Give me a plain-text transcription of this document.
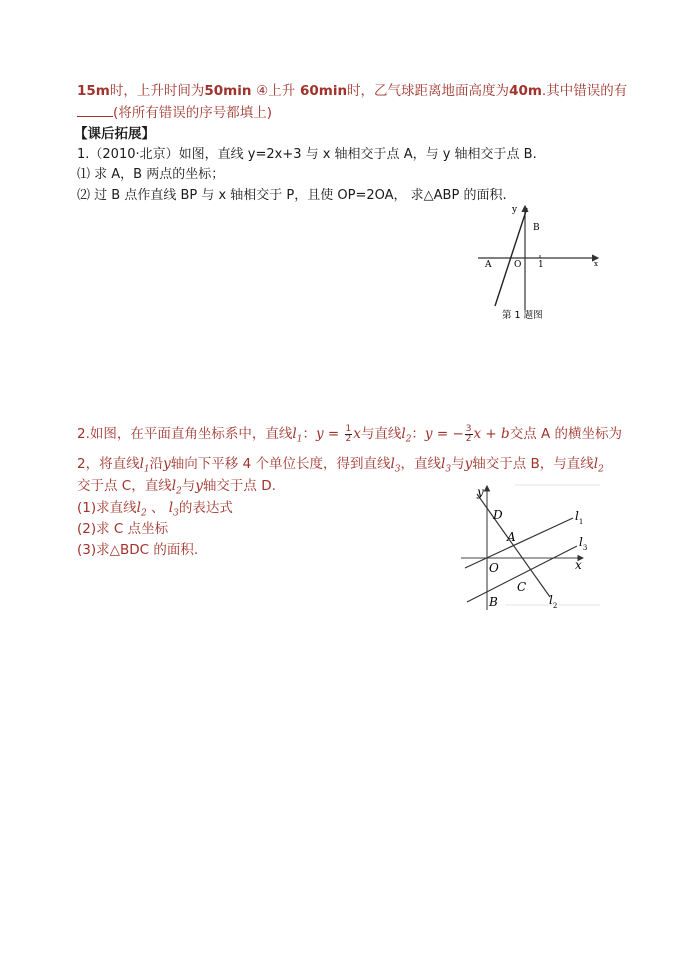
15m时，上升时间为50min ④上升 60min时，乙气球距离地面高度为40m.其中错误的有
(将所有错误的序号都填上)
【课后拓展】
1.（2010·北京）如图，直线 y=2x+3 与 x 轴相交于点 A，与 y 轴相交于点 B.
⑴ 求 A，B 两点的坐标；
⑵ 过 B 点作直线 BP 与 x 轴相交于 P，且使 OP=2OA， 求△ABP 的面积.
y
x
B
A	O 1
第 1 题图
2.如图，在平面直角坐标系中，直线$l_1$：$y = \frac{1}{2}$ x与直线$l_2$：y = − $\frac{3}{2}$ x + b交点 A 的横坐标为
2，将直线$l_1$沿y轴向下平移 4 个单位长度，得到直线$l_3$，直线$l_3$与y轴交于点 B，与直线$l_2$
交于点 C，直线$l_2$与y轴交于点 D.
(1)求直线$l_2$ 、 $l_3$的表达式
(2)求 C 点坐标
(3)求△BDC 的面积.
y
x
D
A
O
C
B
$l_1$
$l_3$
$l_2$
